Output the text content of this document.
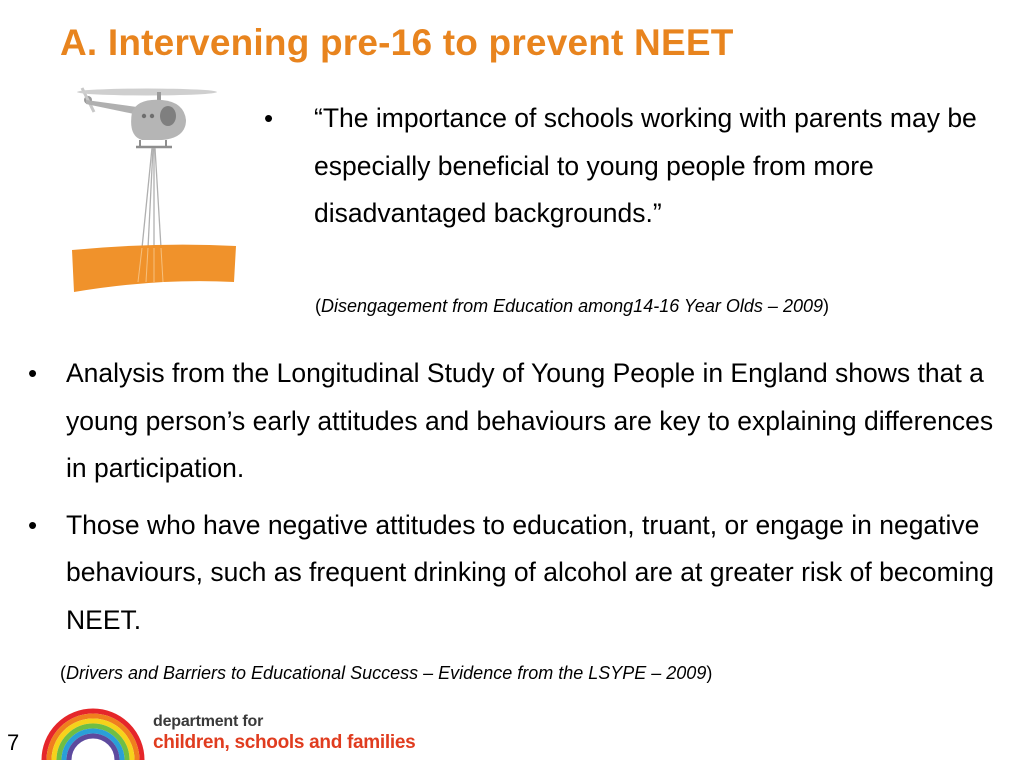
A. Intervening pre-16 to prevent NEET
•	“The importance of schools working with parents may be especially beneficial to young people from more disadvantaged backgrounds.”
(Disengagement from Education among14-16 Year Olds – 2009)
•	Analysis from the Longitudinal Study of Young People in England shows that a young person’s early attitudes and behaviours are key to explaining differences in participation.
•	Those who have negative attitudes to education, truant, or engage in negative behaviours, such as frequent drinking of alcohol are at greater risk of becoming NEET.
(Drivers and Barriers to Educational Success – Evidence from the LSYPE – 2009)
7
department for
children, schools and families
